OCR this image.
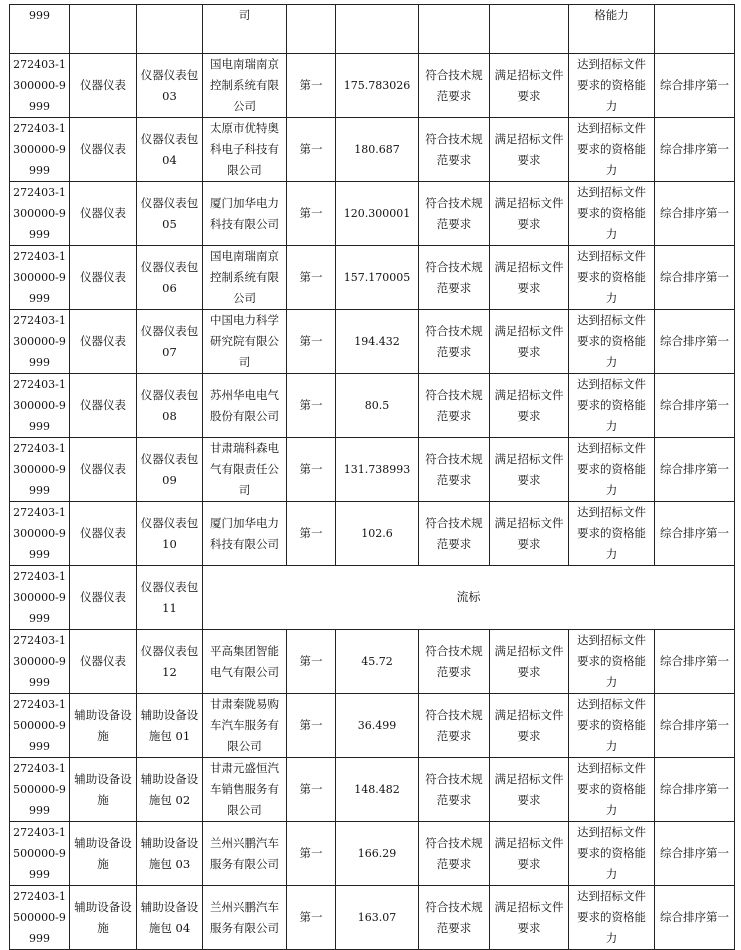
999			司					格能力	
272403-1300000-9999	仪器仪表	仪器仪表包 03	国电南瑞南京控制系统有限公司	第一	175.783026	符合技术规范要求	满足招标文件要求	达到招标文件要求的资格能力	综合排序第一
272403-1300000-9999	仪器仪表	仪器仪表包 04	太原市优特奥科电子科技有限公司	第一	180.687	符合技术规范要求	满足招标文件要求	达到招标文件要求的资格能力	综合排序第一
272403-1300000-9999	仪器仪表	仪器仪表包 05	厦门加华电力科技有限公司	第一	120.300001	符合技术规范要求	满足招标文件要求	达到招标文件要求的资格能力	综合排序第一
272403-1300000-9999	仪器仪表	仪器仪表包 06	国电南瑞南京控制系统有限公司	第一	157.170005	符合技术规范要求	满足招标文件要求	达到招标文件要求的资格能力	综合排序第一
272403-1300000-9999	仪器仪表	仪器仪表包 07	中国电力科学研究院有限公司	第一	194.432	符合技术规范要求	满足招标文件要求	达到招标文件要求的资格能力	综合排序第一
272403-1300000-9999	仪器仪表	仪器仪表包 08	苏州华电电气股份有限公司	第一	80.5	符合技术规范要求	满足招标文件要求	达到招标文件要求的资格能力	综合排序第一
272403-1300000-9999	仪器仪表	仪器仪表包 09	甘肃瑞科森电气有限责任公司	第一	131.738993	符合技术规范要求	满足招标文件要求	达到招标文件要求的资格能力	综合排序第一
272403-1300000-9999	仪器仪表	仪器仪表包10	厦门加华电力科技有限公司	第一	102.6	符合技术规范要求	满足招标文件要求	达到招标文件要求的资格能力	综合排序第一
272403-1300000-9999	仪器仪表	仪器仪表包 11	流标						
272403-1300000-9999	仪器仪表	仪器仪表包 12	平高集团智能电气有限公司	第一	45.72	符合技术规范要求	满足招标文件要求	达到招标文件要求的资格能力	综合排序第一
272403-1500000-9999	辅助设备设施	辅助设备设施包 01	甘肃秦陇易购车汽车服务有限公司	第一	36.499	符合技术规范要求	满足招标文件要求	达到招标文件要求的资格能力	综合排序第一
272403-1500000-9999	辅助设备设施	辅助设备设施包 02	甘肃元盛恒汽车销售服务有限公司	第一	148.482	符合技术规范要求	满足招标文件要求	达到招标文件要求的资格能力	综合排序第一
272403-1500000-9999	辅助设备设施	辅助设备设施包 03	兰州兴鹏汽车服务有限公司	第一	166.29	符合技术规范要求	满足招标文件要求	达到招标文件要求的资格能力	综合排序第一
272403-1500000-9999	辅助设备设施	辅助设备设施包 04	兰州兴鹏汽车服务有限公司	第一	163.07	符合技术规范要求	满足招标文件要求	达到招标文件要求的资格能力	综合排序第一
